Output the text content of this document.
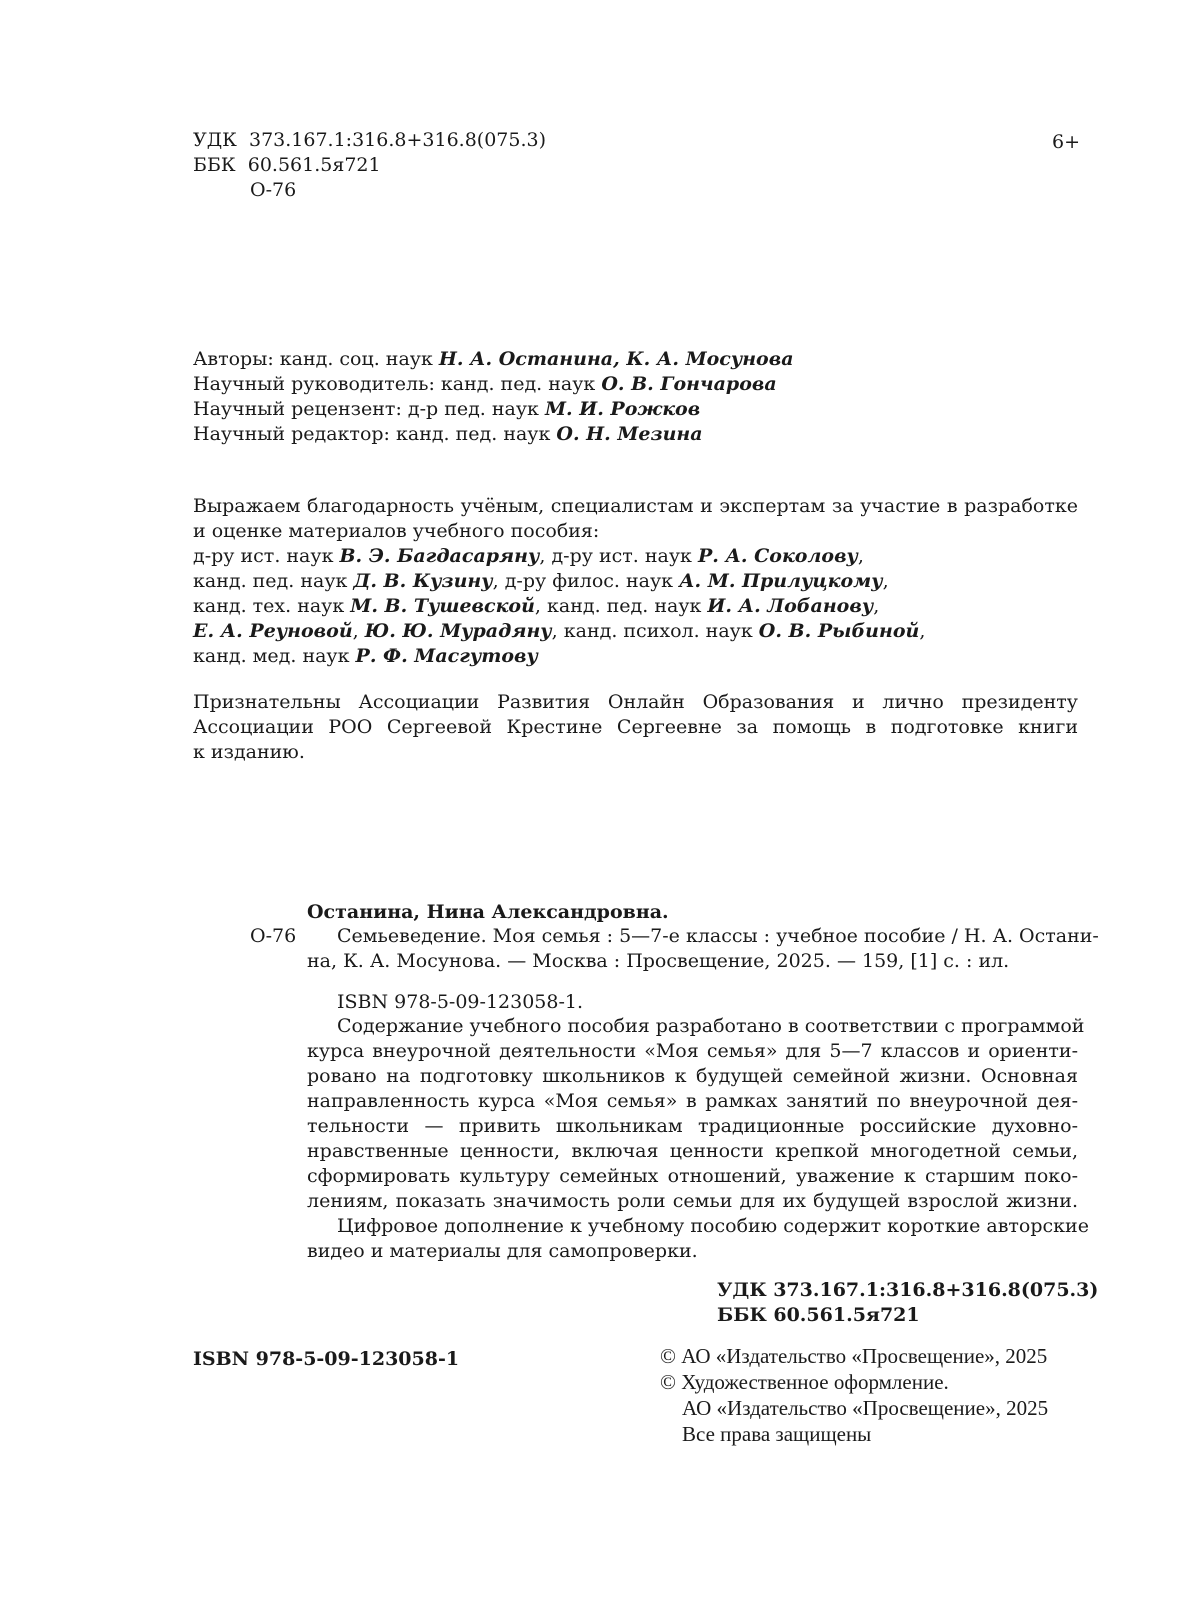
УДК 373.167.1:316.8+316.8(075.3)
ББК 60.561.5я721
О-76
6+
Авторы: канд. соц. наук Н. А. Останина, К. А. Мосунова
Научный руководитель: канд. пед. наук О. В. Гончарова
Научный рецензент: д-р пед. наук М. И. Рожков
Научный редактор: канд. пед. наук О. Н. Мезина
Выражаем благодарность учёным, специалистам и экспертам за участие в разработке
и оценке материалов учебного пособия:
д-ру ист. наук В. Э. Багдасаряну, д-ру ист. наук Р. А. Соколову,
канд. пед. наук Д. В. Кузину, д-ру филос. наук А. М. Прилуцкому,
канд. тех. наук М. В. Тушевской, канд. пед. наук И. А. Лобанову,
Е. А. Реуновой, Ю. Ю. Мурадяну, канд. психол. наук О. В. Рыбиной,
канд. мед. наук Р. Ф. Масгутову
Признательны Ассоциации Развития Онлайн Образования и лично президенту
Ассоциации РОО Сергеевой Крестине Сергеевне за помощь в подготовке книги
к изданию.
Останина, Нина Александровна.
О-76 Семьеведение. Моя семья : 5—7-е классы : учебное пособие / Н. А. Остани-
на, К. А. Мосунова. — Москва : Просвещение, 2025. — 159, [1] с. : ил.
ISBN 978-5-09-123058-1.
Содержание учебного пособия разработано в соответствии с программой
курса внеурочной деятельности «Моя семья» для 5—7 классов и ориенти-
ровано на подготовку школьников к будущей семейной жизни. Основная
направленность курса «Моя семья» в рамках занятий по внеурочной дея-
тельности — привить школьникам традиционные российские духовно-
нравственные ценности, включая ценности крепкой многодетной семьи,
сформировать культуру семейных отношений, уважение к старшим поко-
лениям, показать значимость роли семьи для их будущей взрослой жизни.
Цифровое дополнение к учебному пособию содержит короткие авторские
видео и материалы для самопроверки.
УДК 373.167.1:316.8+316.8(075.3)
ББК 60.561.5я721
ISBN 978-5-09-123058-1	© АО «Издательство «Просвещение», 2025
© Художественное оформление.
АО «Издательство «Просвещение», 2025
Все права защищены
